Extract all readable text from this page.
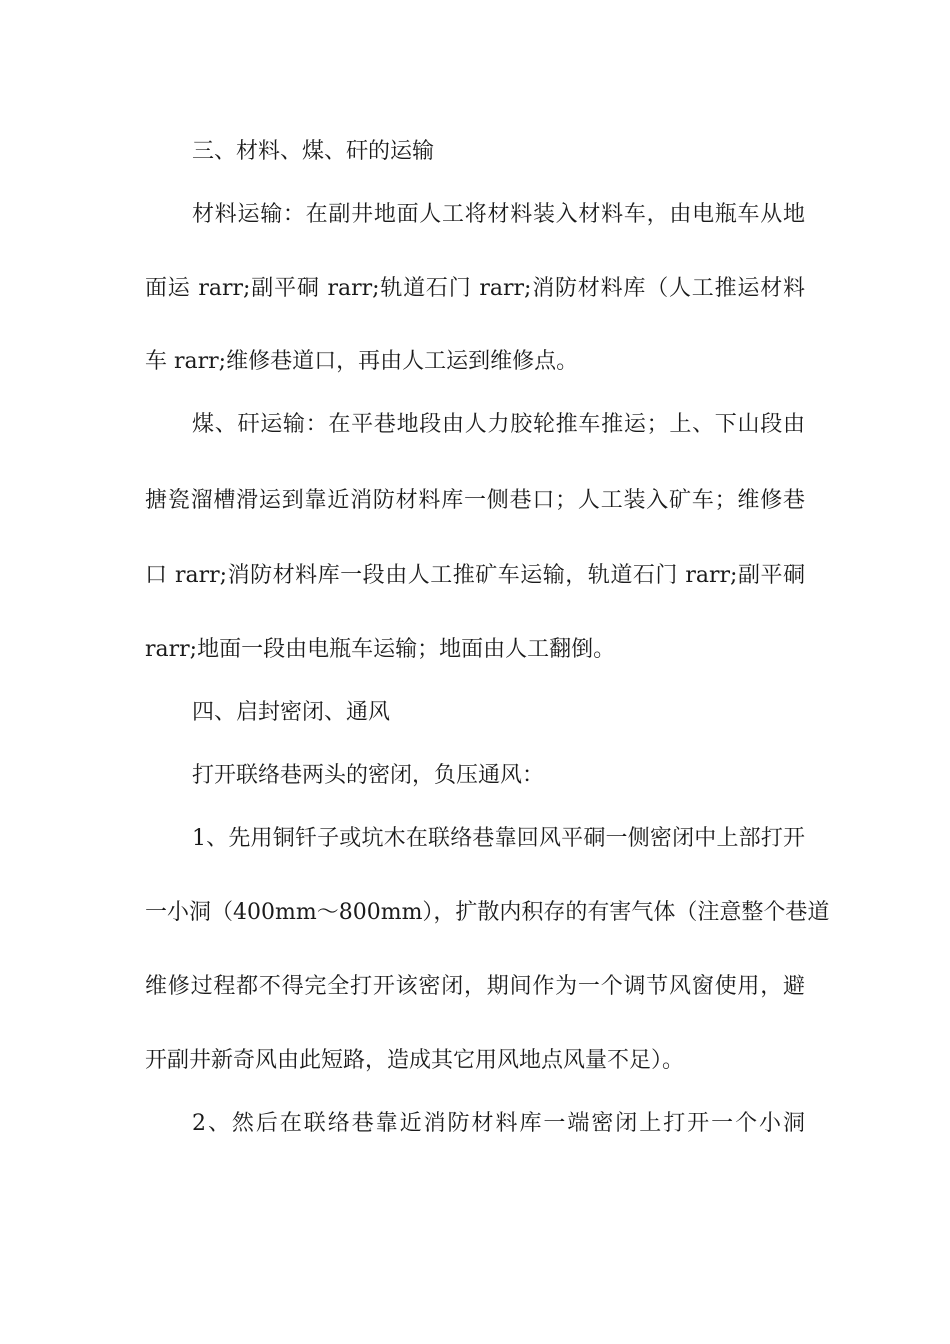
三、材料、煤、矸的运输
材料运输：在副井地面人工将材料装入材料车，由电瓶车从地
面运 rarr;副平硐 rarr;轨道石门 rarr;消防材料库（人工推运材料
车 rarr;维修巷道口，再由人工运到维修点。
煤、矸运输：在平巷地段由人力胶轮推车推运；上、下山段由
搪瓷溜槽滑运到靠近消防材料库一侧巷口；人工装入矿车；维修巷
口 rarr;消防材料库一段由人工推矿车运输，轨道石门 rarr;副平硐
rarr;地面一段由电瓶车运输；地面由人工翻倒。
四、启封密闭、通风
打开联络巷两头的密闭，负压通风：
1、先用铜钎子或坑木在联络巷靠回风平硐一侧密闭中上部打开
一小洞（400mm～800mm），扩散内积存的有害气体（注意整个巷道
维修过程都不得完全打开该密闭，期间作为一个调节风窗使用，避
开副井新奇风由此短路，造成其它用风地点风量不足）。
2、然后在联络巷靠近消防材料库一端密闭上打开一个小洞
